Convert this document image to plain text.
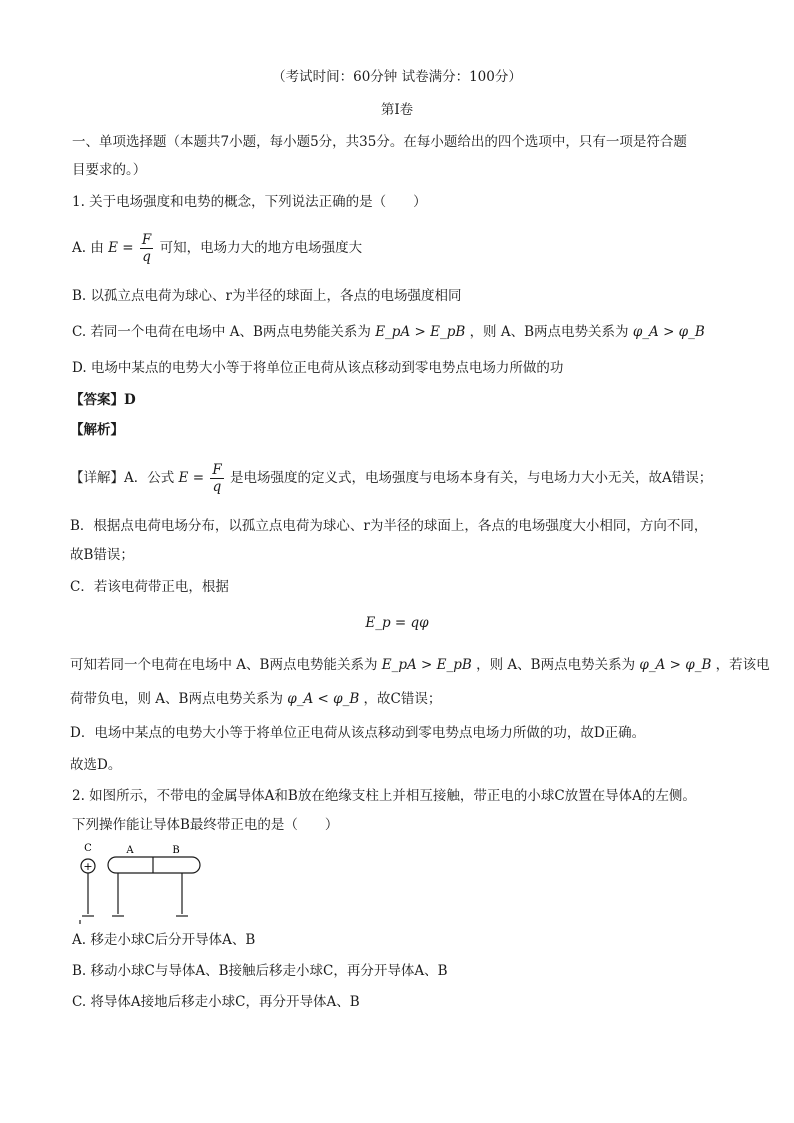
（考试时间：60分钟 试卷满分：100分）
第Ⅰ卷
一、单项选择题（本题共7小题，每小题5分，共35分。在每小题给出的四个选项中，只有一项是符合题
目要求的。）
1. 关于电场强度和电势的概念，下列说法正确的是（　　）
A. 由 $E = \frac{F}{q}$ 可知，电场力大的地方电场强度大
B. 以孤立点电荷为球心、r为半径的球面上，各点的电场强度相同
C. 若同一个电荷在电场中 A、B两点电势能关系为 E_pA > E_pB ，则 A、B两点电势关系为 φ_A > φ_B
D. 电场中某点的电势大小等于将单位正电荷从该点移动到零电势点电场力所做的功
【答案】D
【解析】
【详解】A．公式 $E = \frac{F}{q}$ 是电场强度的定义式，电场强度与电场本身有关，与电场力大小无关，故A错误；
B．根据点电荷电场分布，以孤立点电荷为球心、r为半径的球面上，各点的电场强度大小相同，方向不同，
故B错误；
C．若该电荷带正电，根据
E_p = qφ
可知若同一个电荷在电场中 A、B两点电势能关系为 E_pA > E_pB ，则 A、B两点电势关系为 φ_A > φ_B ，若该电
荷带负电，则 A、B两点电势关系为 φ_A < φ_B ，故C错误；
D．电场中某点的电势大小等于将单位正电荷从该点移动到零电势点电场力所做的功，故D正确。
故选D。
2. 如图所示，不带电的金属导体A和B放在绝缘支柱上并相互接触，带正电的小球C放置在导体A的左侧。
下列操作能让导体B最终带正电的是（　　）
C
+
A	B
A. 移走小球C后分开导体A、B
B. 移动小球C与导体A、B接触后移走小球C，再分开导体A、B
C. 将导体A接地后移走小球C，再分开导体A、B
